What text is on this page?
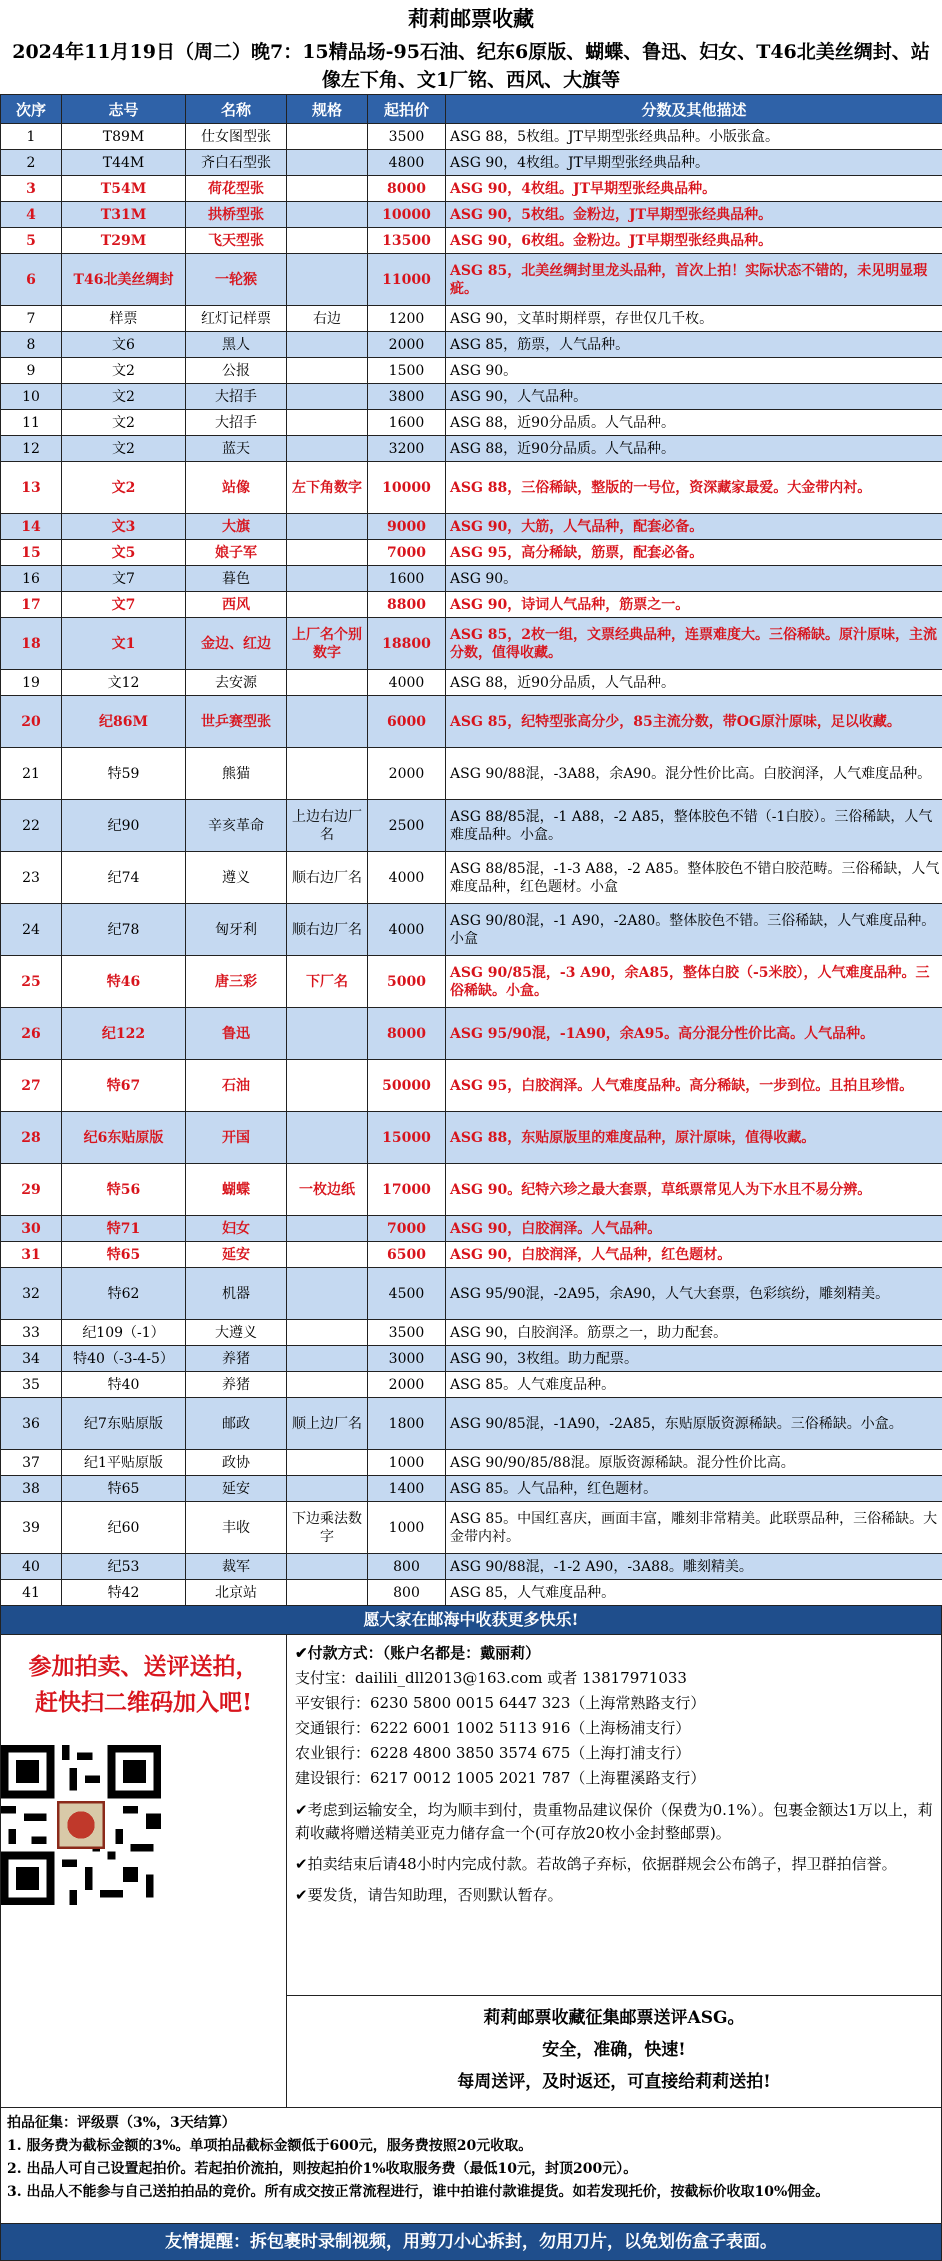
莉莉邮票收藏
2024年11月19日（周二）晚7：15精品场-95石油、纪东6原版、蝴蝶、鲁迅、妇女、T46北美丝绸封、站像左下角、文1厂铭、西风、大旗等
次序	志号	名称	规格	起拍价	分数及其他描述
1	T89M	仕女图型张		3500	ASG 88，5枚组。JT早期型张经典品种。小版张盒。
2	T44M	齐白石型张		4800	ASG 90，4枚组。JT早期型张经典品种。
3	T54M	荷花型张		8000	ASG 90，4枚组。JT早期型张经典品种。
4	T31M	拱桥型张		10000	ASG 90，5枚组。金粉边，JT早期型张经典品种。
5	T29M	飞天型张		13500	ASG 90，6枚组。金粉边。JT早期型张经典品种。
6	T46北美丝绸封	一轮猴		11000	ASG 85，北美丝绸封里龙头品种，首次上拍！实际状态不错的，未见明显瑕疵。
7	样票	红灯记样票	右边	1200	ASG 90，文革时期样票，存世仅几千枚。
8	文6	黑人		2000	ASG 85，筋票，人气品种。
9	文2	公报		1500	ASG 90。
10	文2	大招手		3800	ASG 90，人气品种。
11	文2	大招手		1600	ASG 88，近90分品质。人气品种。
12	文2	蓝天		3200	ASG 88，近90分品质。人气品种。
13	文2	站像	左下角数字	10000	ASG 88，三俗稀缺，整版的一号位，资深藏家最爱。大金带内衬。
14	文3	大旗		9000	ASG 90，大筋，人气品种，配套必备。
15	文5	娘子军		7000	ASG 95，高分稀缺，筋票，配套必备。
16	文7	暮色		1600	ASG 90。
17	文7	西风		8800	ASG 90，诗词人气品种，筋票之一。
18	文1	金边、红边	上厂名个别数字	18800	ASG 85，2枚一组，文票经典品种，连票难度大。三俗稀缺。原汁原味，主流分数，值得收藏。
19	文12	去安源		4000	ASG 88，近90分品质，人气品种。
20	纪86M	世乒赛型张		6000	ASG 85，纪特型张高分少，85主流分数，带OG原汁原味，足以收藏。
21	特59	熊猫		2000	ASG 90/88混，-3A88，余A90。混分性价比高。白胶润泽，人气难度品种。
22	纪90	辛亥革命	上边右边厂名	2500	ASG 88/85混，-1 A88，-2 A85，整体胶色不错（-1白胶）。三俗稀缺，人气难度品种。小盒。
23	纪74	遵义	顺右边厂名	4000	ASG 88/85混，-1-3 A88，-2 A85。整体胶色不错白胶范畴。三俗稀缺，人气难度品种，红色题材。小盒
24	纪78	匈牙利	顺右边厂名	4000	ASG 90/80混，-1 A90，-2A80。整体胶色不错。三俗稀缺，人气难度品种。小盒
25	特46	唐三彩	下厂名	5000	ASG 90/85混，-3 A90，余A85，整体白胶（-5米胶），人气难度品种。三俗稀缺。小盒。
26	纪122	鲁迅		8000	ASG 95/90混，-1A90，余A95。高分混分性价比高。人气品种。
27	特67	石油		50000	ASG 95，白胶润泽。人气难度品种。高分稀缺，一步到位。且拍且珍惜。
28	纪6东贴原版	开国		15000	ASG 88，东贴原版里的难度品种，原汁原味，值得收藏。
29	特56	蝴蝶	一枚边纸	17000	ASG 90。纪特六珍之最大套票，草纸票常见人为下水且不易分辨。
30	特71	妇女		7000	ASG 90，白胶润泽。人气品种。
31	特65	延安		6500	ASG 90，白胶润泽，人气品种，红色题材。
32	特62	机器		4500	ASG 95/90混，-2A95，余A90，人气大套票，色彩缤纷，雕刻精美。
33	纪109（-1）	大遵义		3500	ASG 90，白胶润泽。筋票之一，助力配套。
34	特40（-3-4-5）	养猪		3000	ASG 90，3枚组。助力配票。
35	特40	养猪		2000	ASG 85。人气难度品种。
36	纪7东贴原版	邮政	顺上边厂名	1800	ASG 90/85混，-1A90，-2A85，东贴原版资源稀缺。三俗稀缺。小盒。
37	纪1平贴原版	政协		1000	ASG 90/90/85/88混。原版资源稀缺。混分性价比高。
38	特65	延安		1400	ASG 85。人气品种，红色题材。
39	纪60	丰收	下边乘法数字	1000	ASG 85。中国红喜庆，画面丰富，雕刻非常精美。此联票品种，三俗稀缺。大金带内衬。
40	纪53	裁军		800	ASG 90/88混，-1-2 A90，-3A88。雕刻精美。
41	特42	北京站		800	ASG 85，人气难度品种。
愿大家在邮海中收获更多快乐!
参加拍卖、送评送拍，
赶快扫二维码加入吧!
✔付款方式：（账户名都是：戴丽莉）
支付宝：dailili_dll2013@163.com 或者 13817971033
平安银行：6230 5800 0015 6447 323（上海常熟路支行）
交通银行：6222 6001 1002 5113 916（上海杨浦支行）
农业银行：6228 4800 3850 3574 675（上海打浦支行）
建设银行：6217 0012 1005 2021 787（上海瞿溪路支行）
✔考虑到运输安全，均为顺丰到付，贵重物品建议保价（保费为0.1%）。包裹金额达1万以上，莉莉收藏将赠送精美亚克力储存盒一个(可存放20枚小金封整邮票)。
✔拍卖结束后请48小时内完成付款。若故鸽子弃标，依据群规会公布鸽子，捍卫群拍信誉。
✔要发货，请告知助理，否则默认暂存。
莉莉邮票收藏征集邮票送评ASG。
安全，准确，快速!
每周送评，及时返还，可直接给莉莉送拍!
拍品征集：评级票（3%，3天结算）
1. 服务费为截标金额的3%。单项拍品截标金额低于600元，服务费按照20元收取。
2. 出品人可自己设置起拍价。若起拍价流拍，则按起拍价1%收取服务费（最低10元，封顶200元）。
3. 出品人不能参与自己送拍拍品的竞价。所有成交按正常流程进行，谁中拍谁付款谁提货。如若发现托价，按截标价收取10%佣金。
友情提醒：拆包裹时录制视频，用剪刀小心拆封，勿用刀片，以免划伤盒子表面。
